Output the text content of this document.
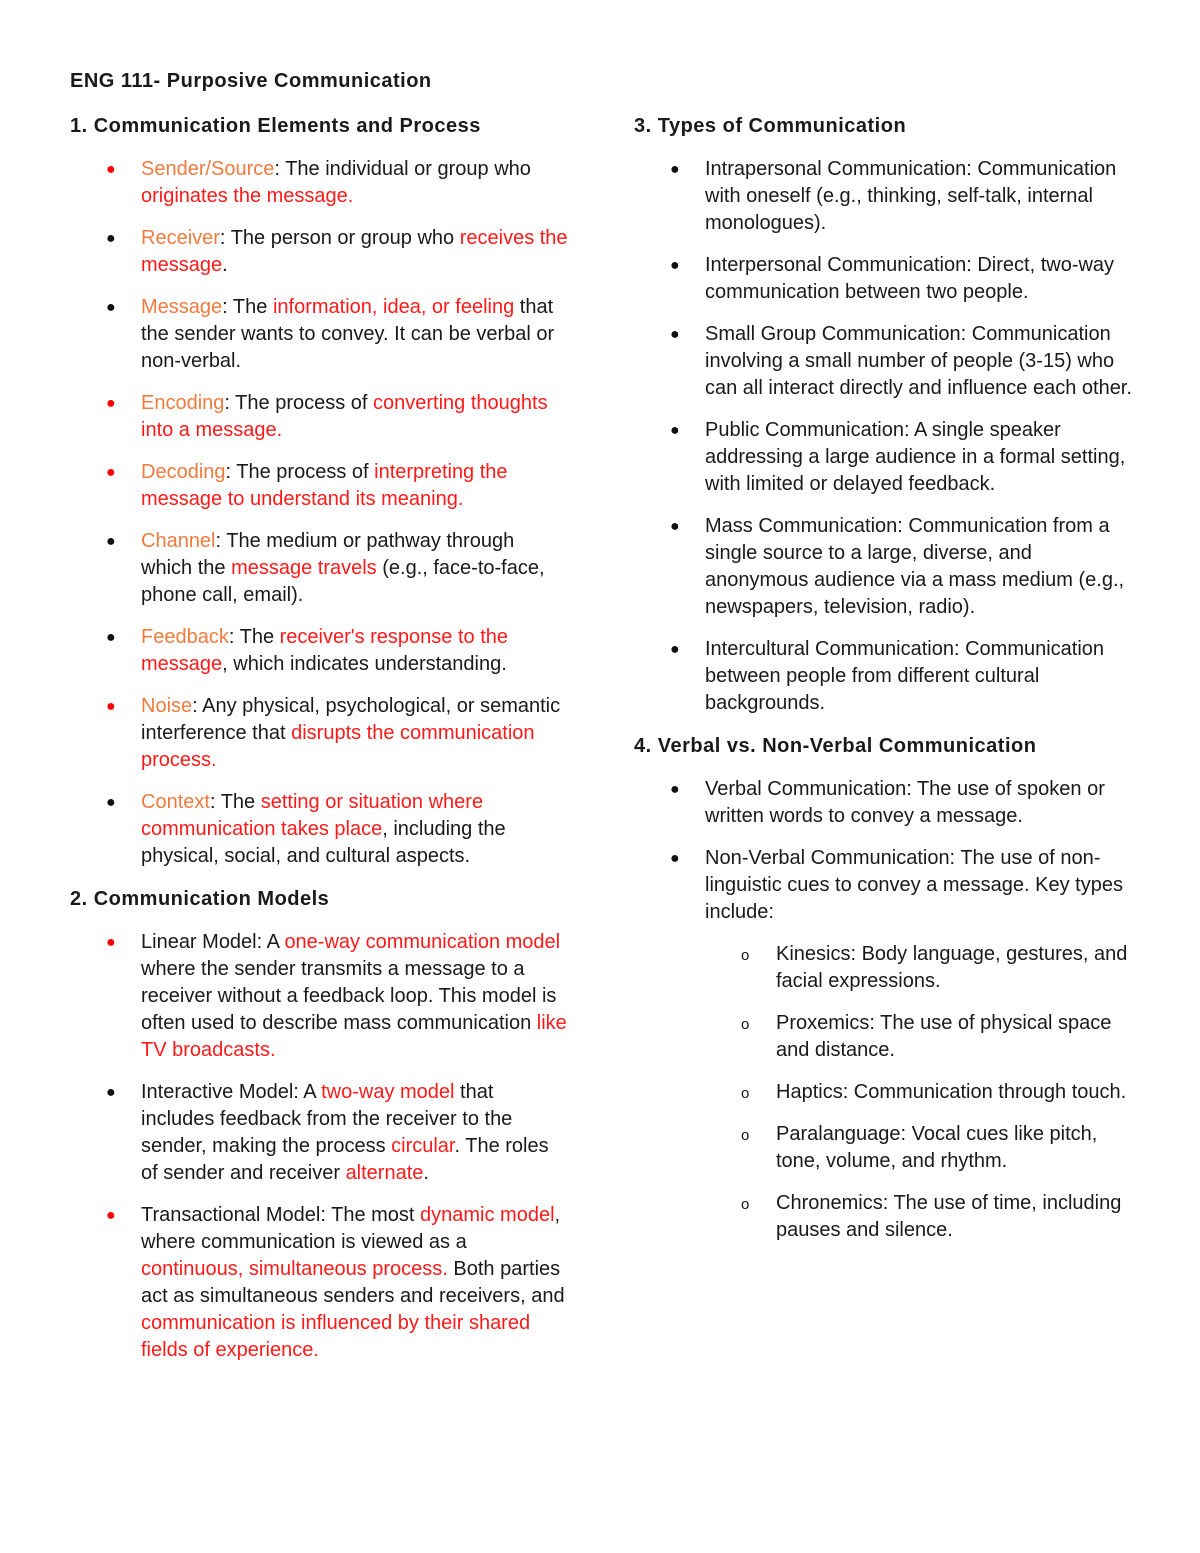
ENG 111- Purposive Communication
1. Communication Elements and Process
● Sender/Source: The individual or group who originates the message.
● Receiver: The person or group who receives the message.
● Message: The information, idea, or feeling that the sender wants to convey. It can be verbal or non-verbal.
● Encoding: The process of converting thoughts into a message.
● Decoding: The process of interpreting the message to understand its meaning.
● Channel: The medium or pathway through which the message travels (e.g., face-to-face, phone call, email).
● Feedback: The receiver's response to the message, which indicates understanding.
● Noise: Any physical, psychological, or semantic interference that disrupts the communication process.
● Context: The setting or situation where communication takes place, including the physical, social, and cultural aspects.
2. Communication Models
● Linear Model: A one-way communication model where the sender transmits a message to a receiver without a feedback loop. This model is often used to describe mass communication like TV broadcasts.
● Interactive Model: A two-way model that includes feedback from the receiver to the sender, making the process circular. The roles of sender and receiver alternate.
● Transactional Model: The most dynamic model, where communication is viewed as a continuous, simultaneous process. Both parties act as simultaneous senders and receivers, and communication is influenced by their shared fields of experience.
3. Types of Communication
● Intrapersonal Communication: Communication with oneself (e.g., thinking, self-talk, internal monologues).
● Interpersonal Communication: Direct, two-way communication between two people.
● Small Group Communication: Communication involving a small number of people (3-15) who can all interact directly and influence each other.
● Public Communication: A single speaker addressing a large audience in a formal setting, with limited or delayed feedback.
● Mass Communication: Communication from a single source to a large, diverse, and anonymous audience via a mass medium (e.g., newspapers, television, radio).
● Intercultural Communication: Communication between people from different cultural backgrounds.
4. Verbal vs. Non-Verbal Communication
● Verbal Communication: The use of spoken or written words to convey a message.
● Non-Verbal Communication: The use of non-linguistic cues to convey a message. Key types include:
o Kinesics: Body language, gestures, and facial expressions.
o Proxemics: The use of physical space and distance.
o Haptics: Communication through touch.
o Paralanguage: Vocal cues like pitch, tone, volume, and rhythm.
o Chronemics: The use of time, including pauses and silence.
